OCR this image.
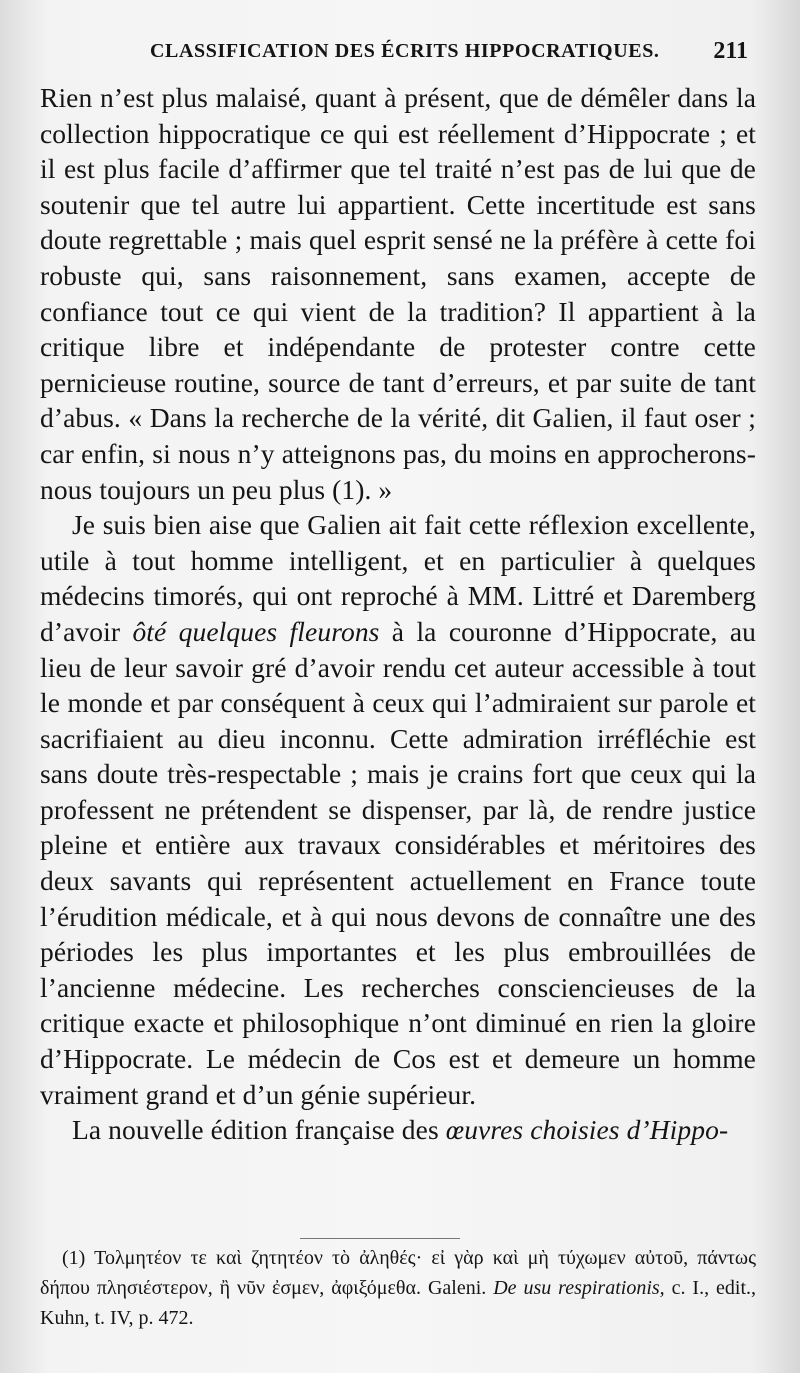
CLASSIFICATION DES ÉCRITS HIPPOCRATIQUES. 211

Rien n’est plus malaisé, quant à présent, que de démêler dans la collection hippocratique ce qui est réellement d’Hippocrate ; et il est plus facile d’affirmer que tel traité n’est pas de lui que de soutenir que tel autre lui appartient. Cette incertitude est sans doute regrettable ; mais quel esprit sensé ne la préfère à cette foi robuste qui, sans raisonnement, sans examen, accepte de confiance tout ce qui vient de la tradition? Il appartient à la critique libre et indépendante de protester contre cette pernicieuse routine, source de tant d’erreurs, et par suite de tant d’abus. « Dans la recherche de la vérité, dit Galien, il faut oser ; car enfin, si nous n’y atteignons pas, du moins en approcherons-nous toujours un peu plus (1). »

Je suis bien aise que Galien ait fait cette réflexion excellente, utile à tout homme intelligent, et en particulier à quelques médecins timorés, qui ont reproché à MM. Littré et Daremberg d’avoir ôté quelques fleurons à la couronne d’Hippocrate, au lieu de leur savoir gré d’avoir rendu cet auteur accessible à tout le monde et par conséquent à ceux qui l’admiraient sur parole et sacrifiaient au dieu inconnu. Cette admiration irréfléchie est sans doute très-respectable ; mais je crains fort que ceux qui la professent ne prétendent se dispenser, par là, de rendre justice pleine et entière aux travaux considérables et méritoires des deux savants qui représentent actuellement en France toute l’érudition médicale, et à qui nous devons de connaître une des périodes les plus importantes et les plus embrouillées de l’ancienne médecine. Les recherches consciencieuses de la critique exacte et philosophique n’ont diminué en rien la gloire d’Hippocrate. Le médecin de Cos est et demeure un homme vraiment grand et d’un génie supérieur.

La nouvelle édition française des œuvres choisies d’Hippo-

(1) Τολμητέον τε καὶ ζητητέον τὸ ἀληθές· εἰ γὰρ καὶ μὴ τύχωμεν αὐτοῦ, πάντως δήπου πλησιέστερον, ἢ νῦν ἐσμεν, ἀφιξόμεθα. Galeni. De usu respirationis, c. I., edit., Kuhn, t. IV, p. 472.
